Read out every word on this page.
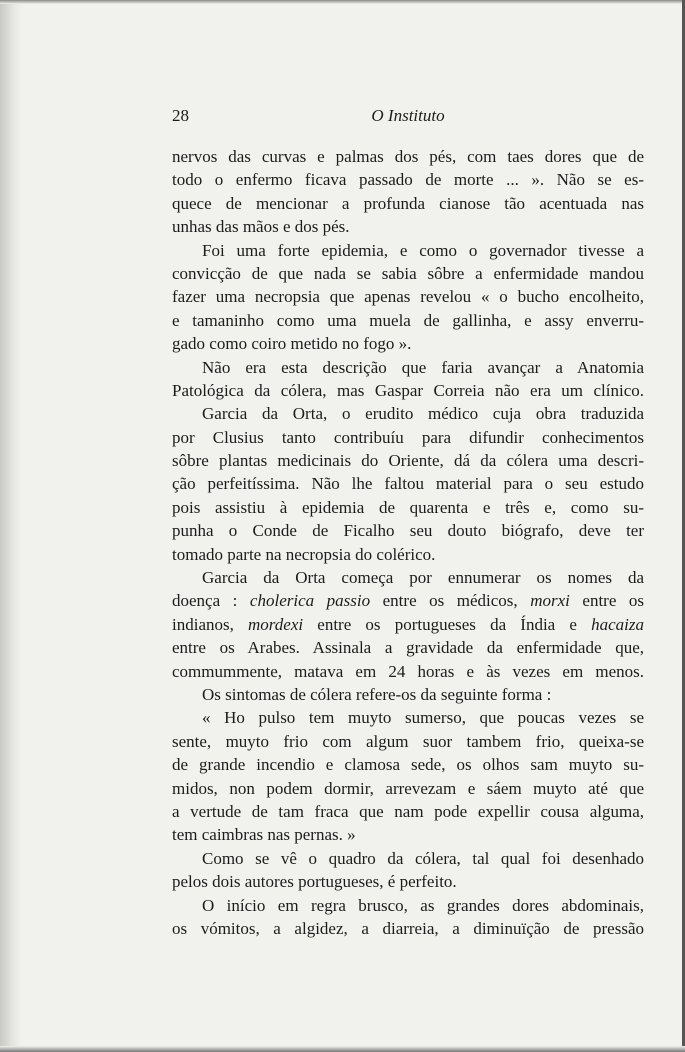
28	O Instituto
nervos das curvas e palmas dos pés, com taes dores que de
todo o enfermo ficava passado de morte ... ». Não se es-
quece de mencionar a profunda cianose tão acentuada nas
unhas das mãos e dos pés.
Foi uma forte epidemia, e como o governador tivesse a
convicção de que nada se sabia sôbre a enfermidade mandou
fazer uma necropsia que apenas revelou « o bucho encolheito,
e tamaninho como uma muela de gallinha, e assy enverru-
gado como coiro metido no fogo ».
Não era esta descrição que faria avançar a Anatomia
Patológica da cólera, mas Gaspar Correia não era um clínico.
Garcia da Orta, o erudito médico cuja obra traduzida
por Clusius tanto contribuíu para difundir conhecimentos
sôbre plantas medicinais do Oriente, dá da cólera uma descri-
ção perfeitíssima. Não lhe faltou material para o seu estudo
pois assistiu à epidemia de quarenta e três e, como su-
punha o Conde de Ficalho seu douto biógrafo, deve ter
tomado parte na necropsia do colérico.
Garcia da Orta começa por ennumerar os nomes da
doença : cholerica passio entre os médicos, morxi entre os
indianos, mordexi entre os portugueses da Índia e hacaiza
entre os Arabes. Assinala a gravidade da enfermidade que,
commummente, matava em 24 horas e às vezes em menos.
Os sintomas de cólera refere-os da seguinte forma :
« Ho pulso tem muyto sumerso, que poucas vezes se
sente, muyto frio com algum suor tambem frio, queixa-se
de grande incendio e clamosa sede, os olhos sam muyto su-
midos, non podem dormir, arrevezam e sáem muyto até que
a vertude de tam fraca que nam pode expellir cousa alguma,
tem caimbras nas pernas. »
Como se vê o quadro da cólera, tal qual foi desenhado
pelos dois autores portugueses, é perfeito.
O início em regra brusco, as grandes dores abdominais,
os vómitos, a algidez, a diarreia, a diminuïção de pressão
